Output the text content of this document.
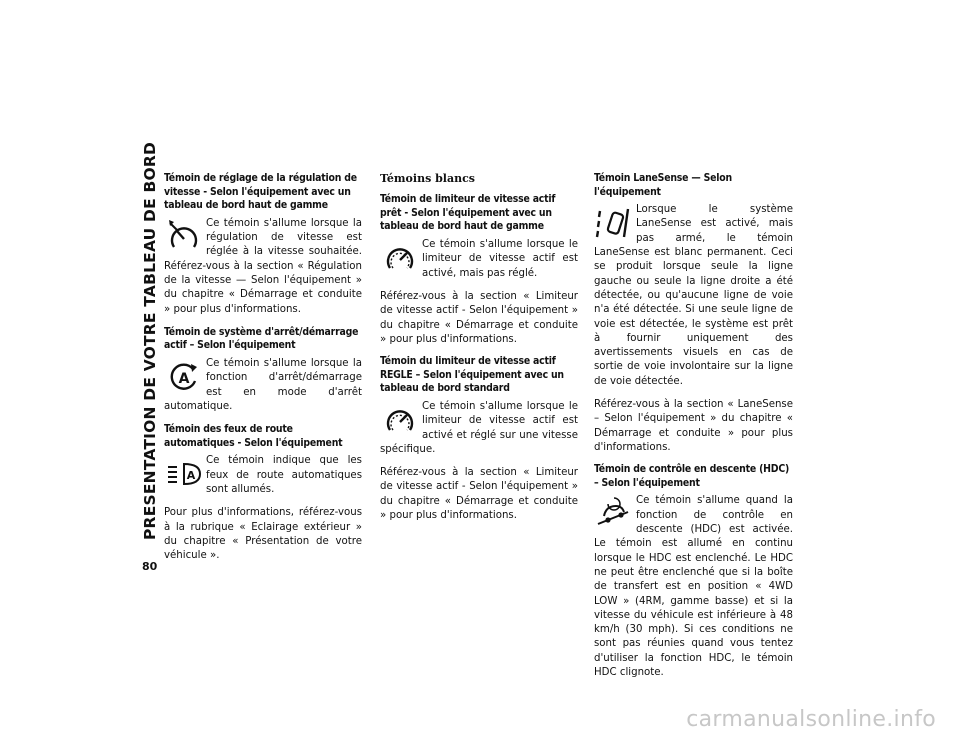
PRESENTATION DE VOTRE TABLEAU DE BORD
80
Témoin de réglage de la régulation de vitesse - Selon l'équipement avec un tableau de bord haut de gamme

Ce témoin s'allume lorsque la régulation de vitesse est réglée à la vitesse souhaitée. Référez-vous à la section « Régulation de la vitesse — Selon l'équipement » du chapitre « Démarrage et conduite » pour plus d'informations.

Témoin de système d'arrêt/démarrage actif – Selon l'équipement
A

Ce témoin s'allume lorsque la fonction d'arrêt/démarrage est en mode d'arrêt automatique.

Témoin des feux de route automatiques - Selon l'équipement
A

Ce témoin indique que les feux de route automatiques sont allumés.

Pour plus d'informations, référez-vous à la rubrique « Eclairage extérieur » du chapitre « Présentation de votre véhicule ».

Témoins blancs
Témoin de limiteur de vitesse actif prêt - Selon l'équipement avec un tableau de bord haut de gamme

Ce témoin s'allume lorsque le limiteur de vitesse actif est activé, mais pas réglé.

Référez-vous à la section « Limiteur de vitesse actif - Selon l'équipement » du chapitre « Démarrage et conduite » pour plus d'informations.

Témoin du limiteur de vitesse actif REGLE – Selon l'équipement avec un tableau de bord standard

Ce témoin s'allume lorsque le limiteur de vitesse actif est activé et réglé sur une vitesse spécifique.

Référez-vous à la section « Limiteur de vitesse actif - Selon l'équipement » du chapitre « Démarrage et conduite » pour plus d'informations.

Témoin LaneSense — Selon l'équipement

Lorsque le système LaneSense est activé, mais pas armé, le témoin LaneSense est blanc permanent. Ceci se produit lorsque seule la ligne gauche ou seule la ligne droite a été détectée, ou qu'aucune ligne de voie n'a été détectée. Si une seule ligne de voie est détectée, le système est prêt à fournir uniquement des avertissements visuels en cas de sortie de voie involontaire sur la ligne de voie détectée.

Référez-vous à la section « LaneSense – Selon l'équipement » du chapitre « Démarrage et conduite » pour plus d'informations.

Témoin de contrôle en descente (HDC) – Selon l'équipement

Ce témoin s'allume quand la fonction de contrôle en descente (HDC) est activée. Le témoin est allumé en continu lorsque le HDC est enclenché. Le HDC ne peut être enclenché que si la boîte de transfert est en position « 4WD LOW » (4RM, gamme basse) et si la vitesse du véhicule est inférieure à 48 km/h (30 mph). Si ces conditions ne sont pas réunies quand vous tentez d'utiliser la fonction HDC, le témoin HDC clignote.

carmanualsonline.info
